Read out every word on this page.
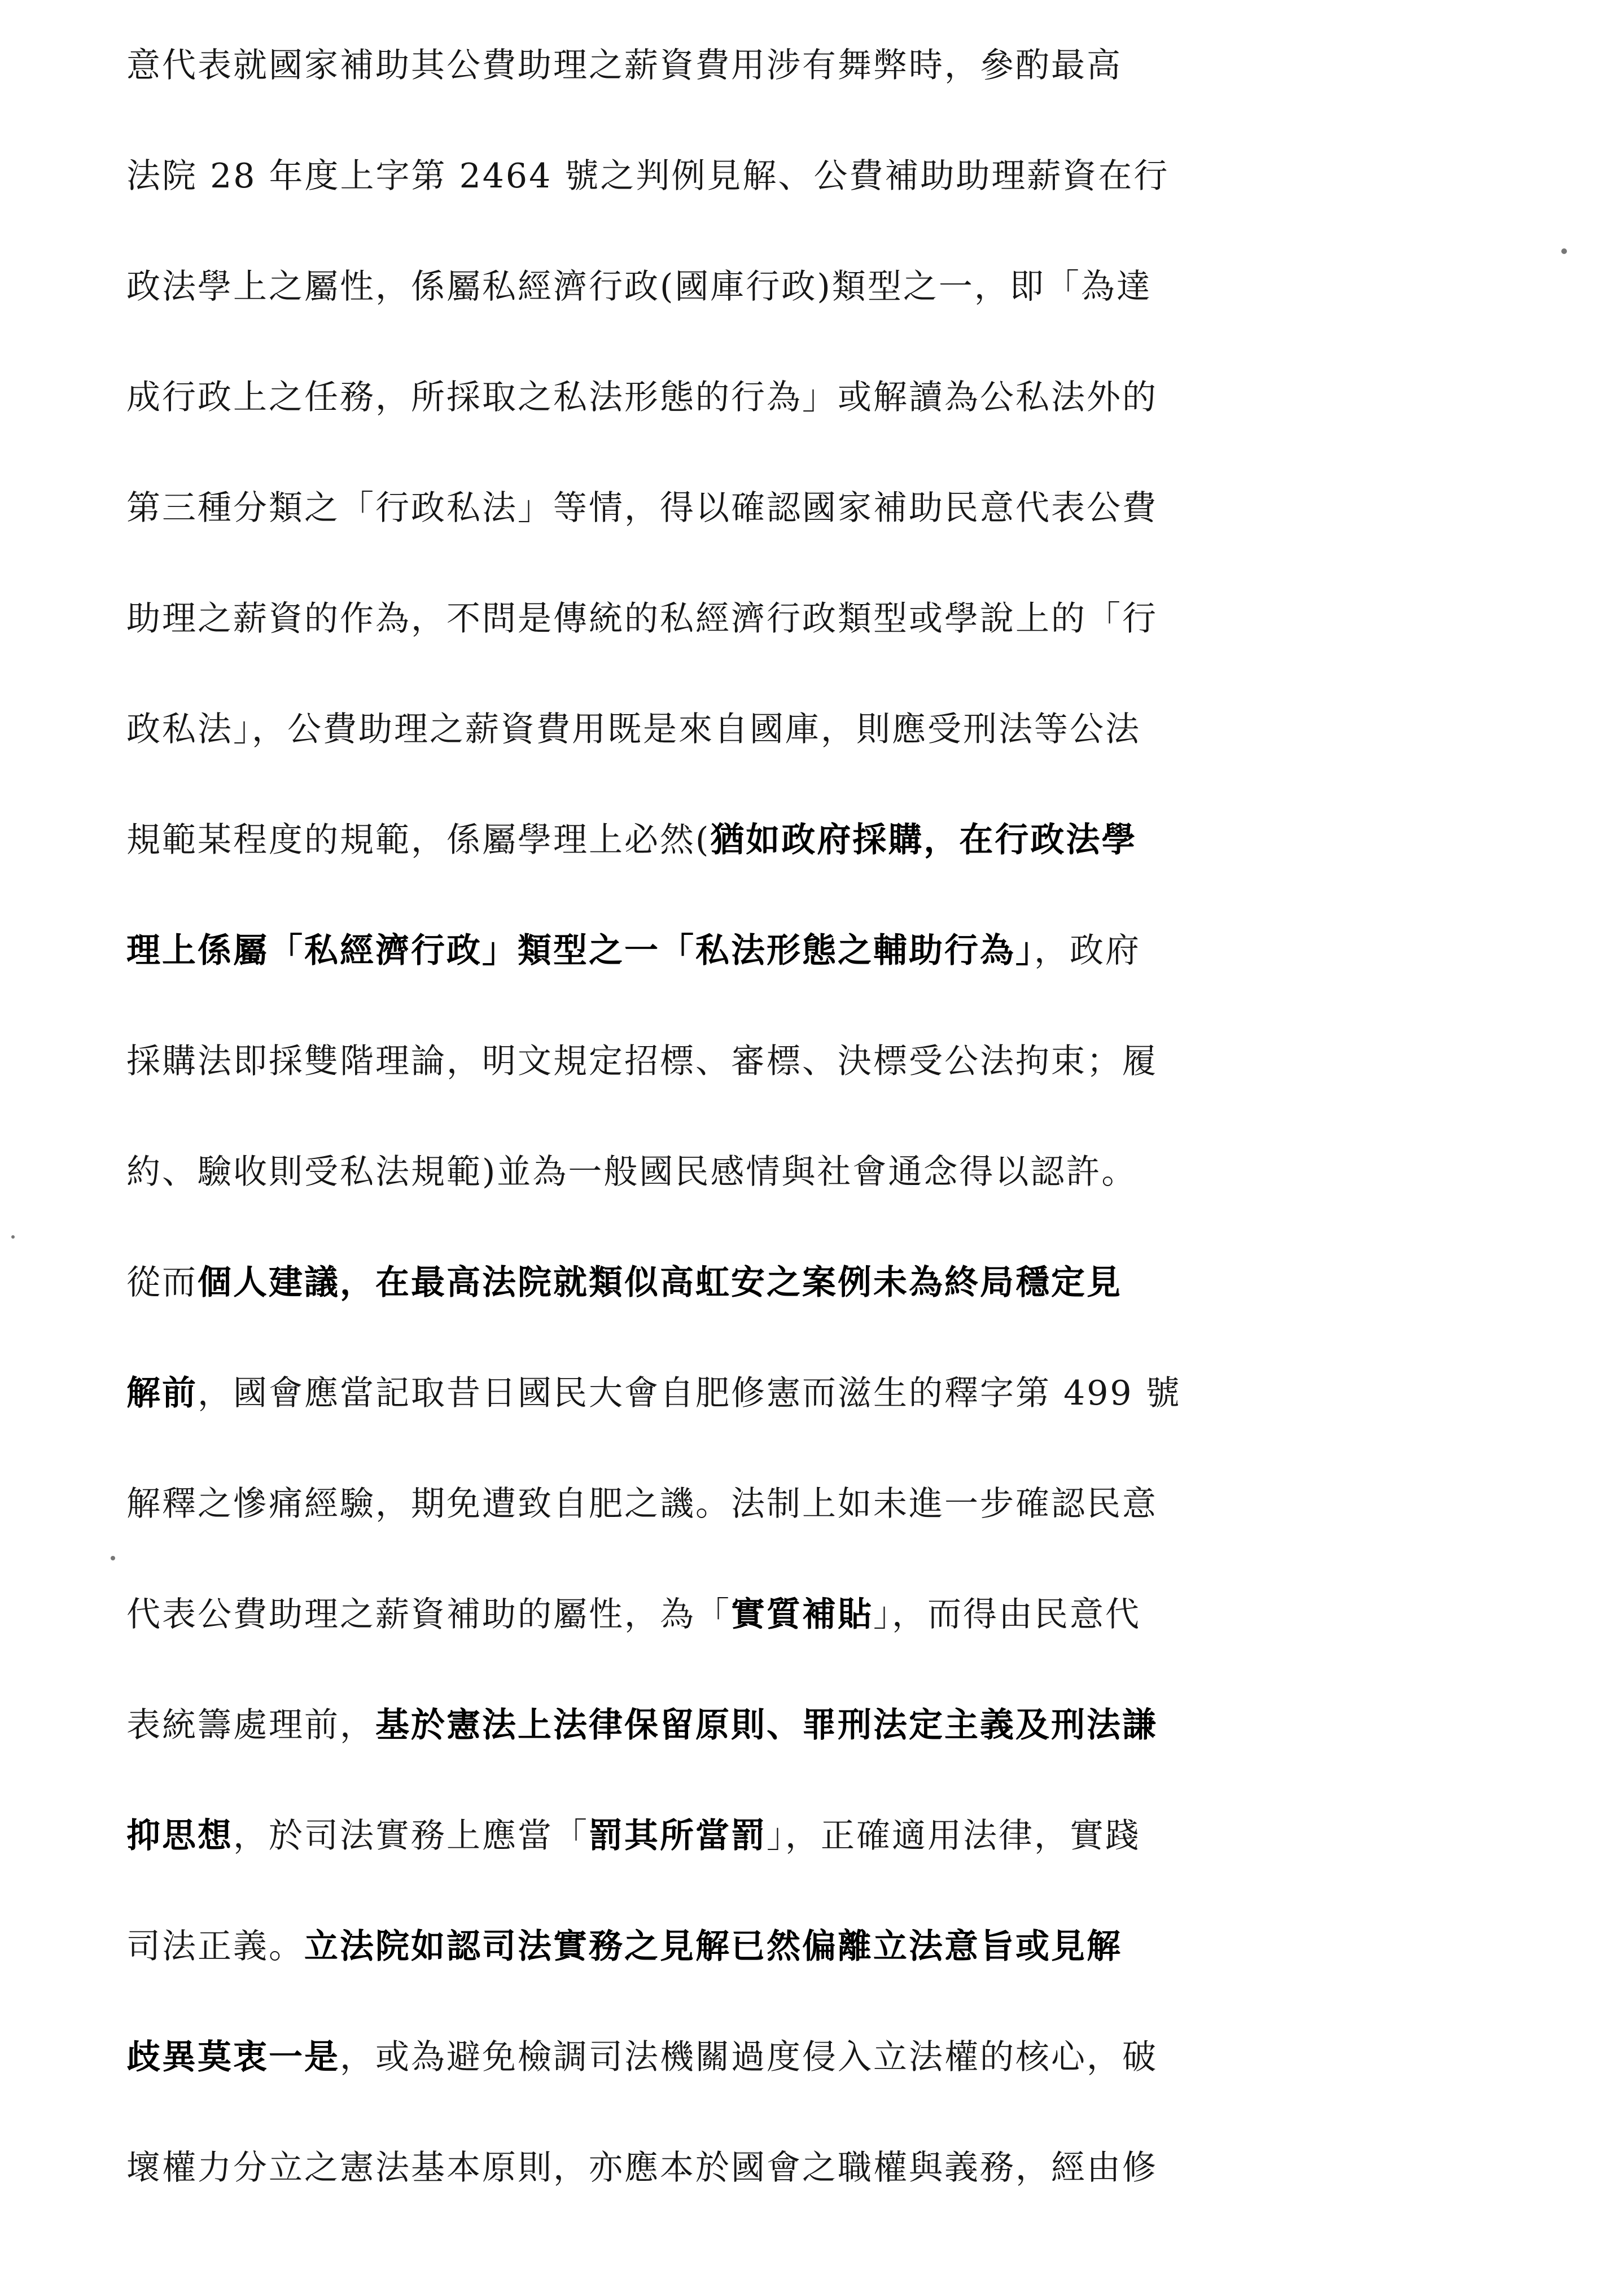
意代表就國家補助其公費助理之薪資費用涉有舞弊時，參酌最高
法院 28 年度上字第 2464 號之判例見解、公費補助助理薪資在行
政法學上之屬性，係屬私經濟行政(國庫行政)類型之一，即「為達
成行政上之任務，所採取之私法形態的行為」或解讀為公私法外的
第三種分類之「行政私法」等情，得以確認國家補助民意代表公費
助理之薪資的作為，不問是傳統的私經濟行政類型或學說上的「行
政私法」，公費助理之薪資費用既是來自國庫，則應受刑法等公法
規範某程度的規範，係屬學理上必然(猶如政府採購，在行政法學
理上係屬「私經濟行政」類型之一「私法形態之輔助行為」，政府
採購法即採雙階理論，明文規定招標、審標、決標受公法拘束；履
約、驗收則受私法規範)並為一般國民感情與社會通念得以認許。
從而個人建議，在最高法院就類似高虹安之案例未為終局穩定見
解前，國會應當記取昔日國民大會自肥修憲而滋生的釋字第 499 號
解釋之慘痛經驗，期免遭致自肥之譏。法制上如未進一步確認民意
代表公費助理之薪資補助的屬性，為「實質補貼」，而得由民意代
表統籌處理前，基於憲法上法律保留原則、罪刑法定主義及刑法謙
抑思想，於司法實務上應當「罰其所當罰」，正確適用法律，實踐
司法正義。立法院如認司法實務之見解已然偏離立法意旨或見解
歧異莫衷一是，或為避免檢調司法機關過度侵入立法權的核心，破
壞權力分立之憲法基本原則，亦應本於國會之職權與義務，經由修
